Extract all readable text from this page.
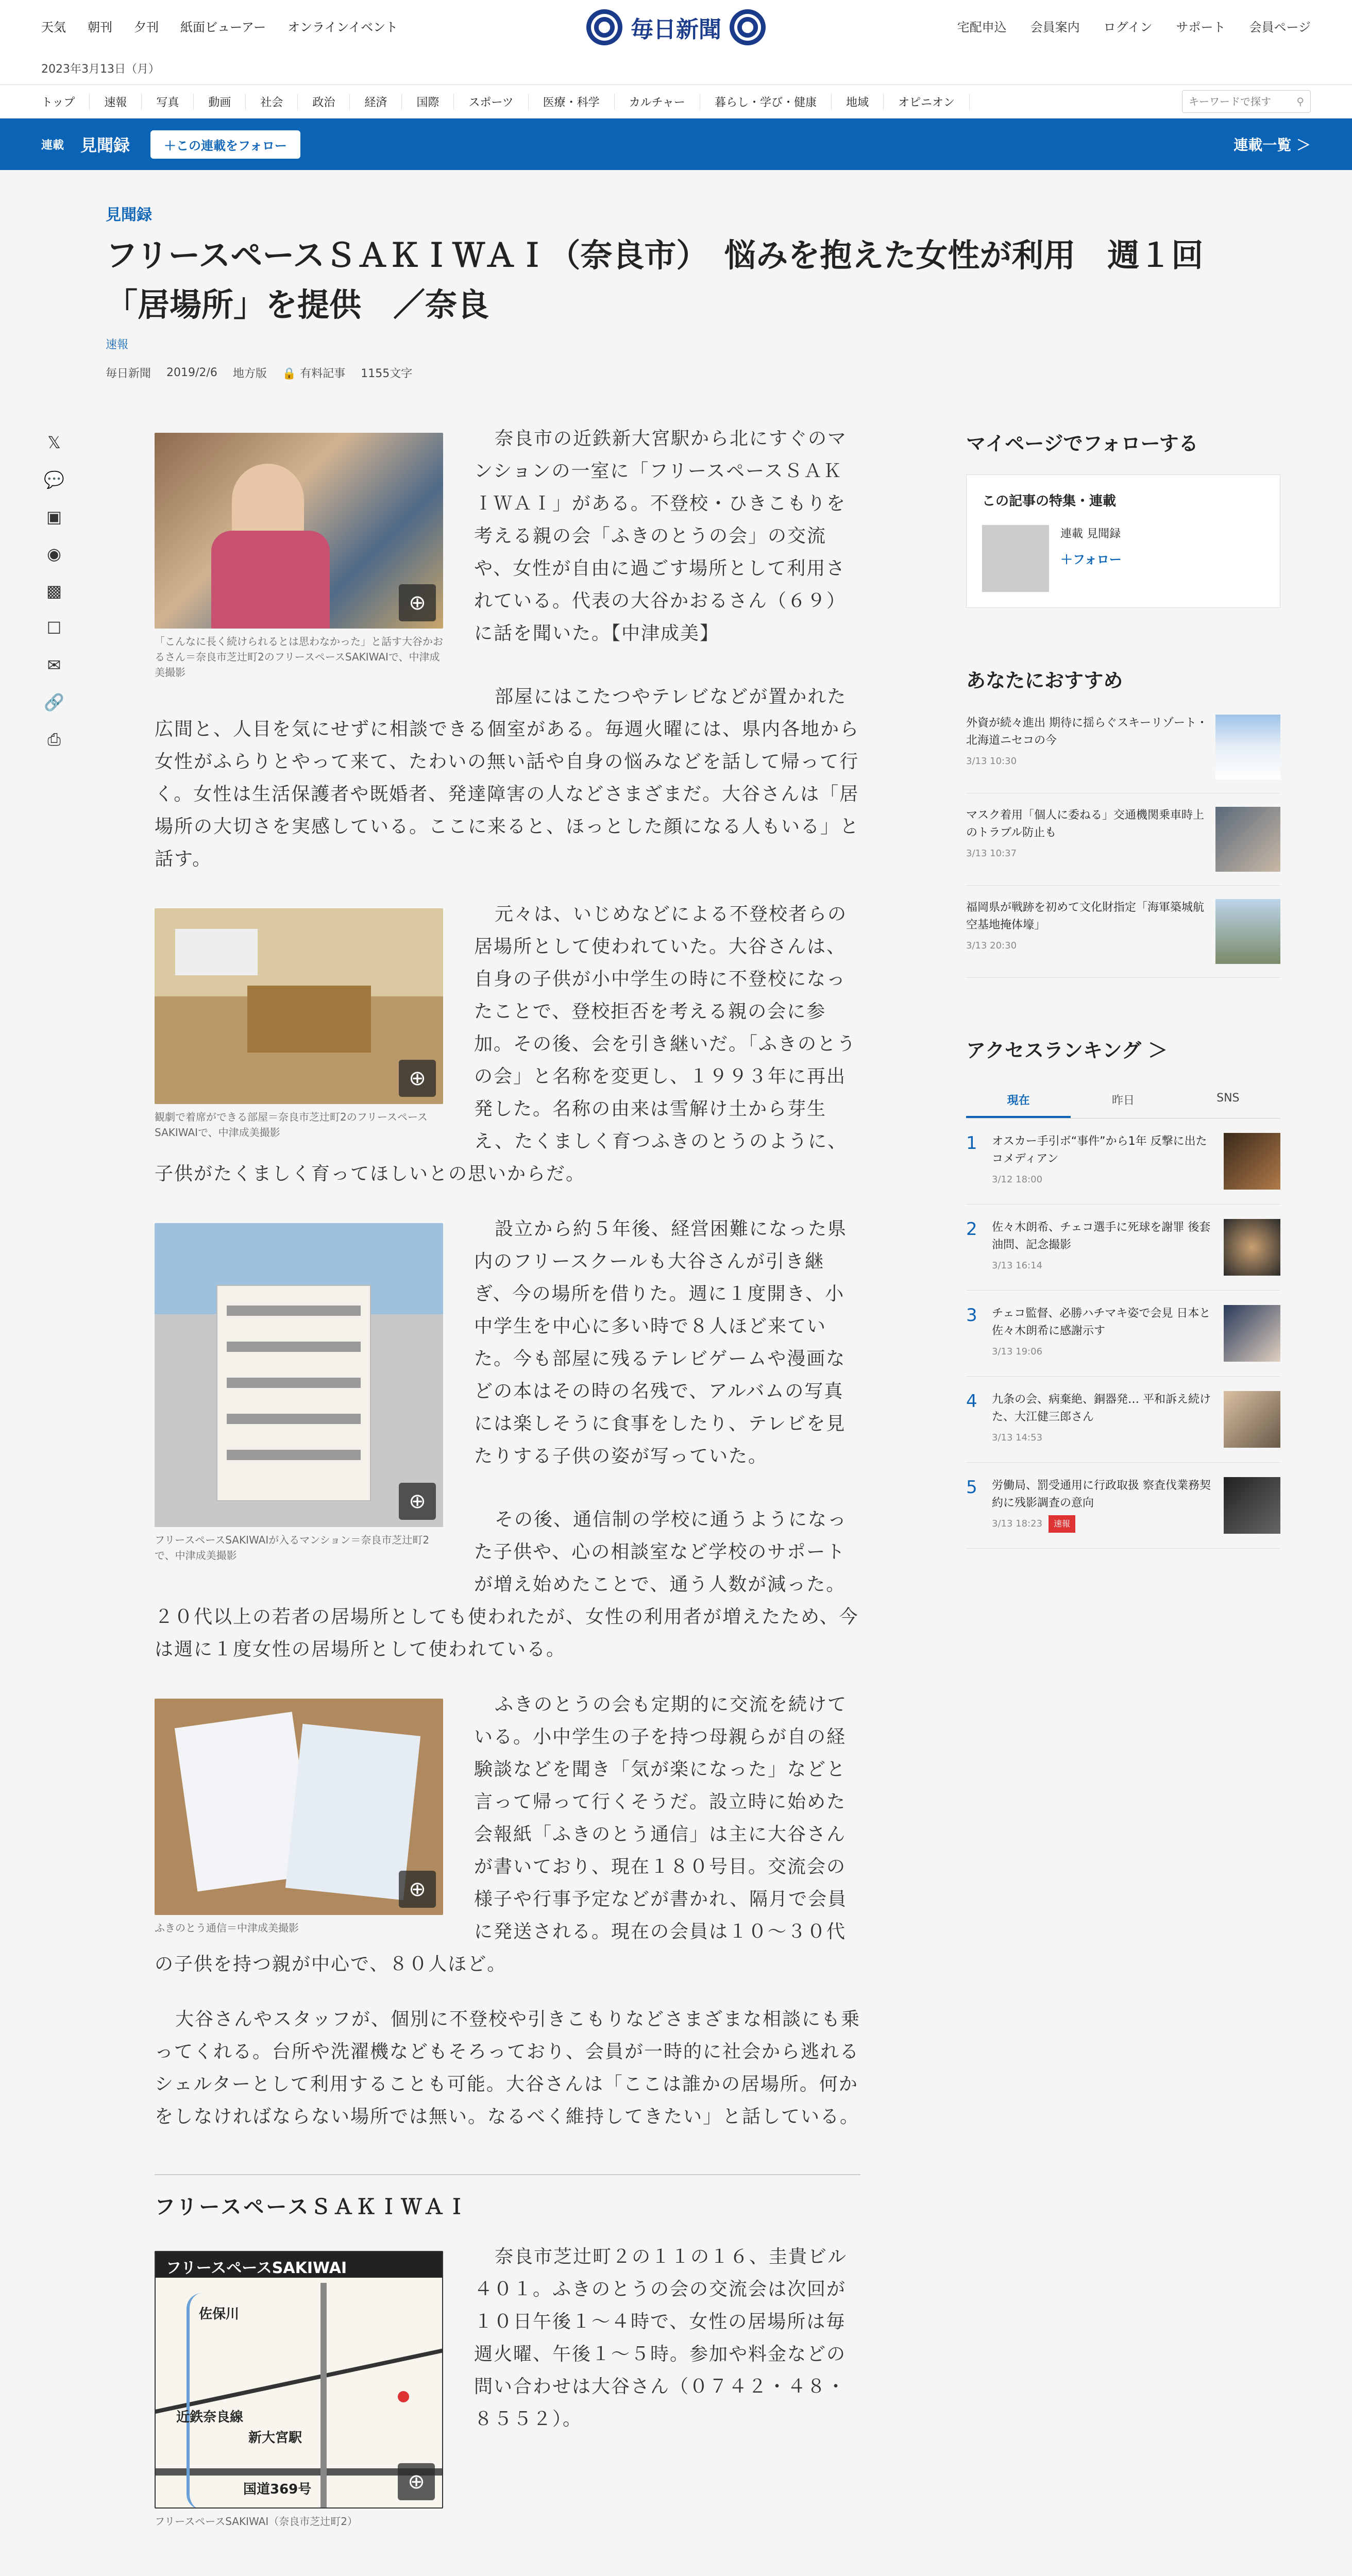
天気 朝刊 夕刊 紙面ビューアー オンラインイベント	毎日新聞	宅配申込 会員案内 ログイン サポート 会員ページ
2023年3月13日（月）
トップ	速報	写真	動画	社会	政治	経済	国際	スポーツ	医療・科学	カルチャー	暮らし・学び・健康	地域	オピニオン
キーワードで探す	⚲
連載 見聞録	＋この連載をフォロー	連載一覧 ＞
見聞録
フリースペースＳＡＫＩＷＡＩ（奈良市）　悩みを抱えた女性が利用　週１回「居場所」を提供　／奈良
速報
毎日新聞 2019/2/6 地方版 🔒 有料記事 1155文字
𝕏
💬
▣
◉
▩
☐
✉
🔗
⎙
⊕
「こんなに長く続けられるとは思わなかった」と話す大谷かおるさん＝奈良市芝辻町2のフリースペースSAKIWAIで、中津成美撮影

奈良市の近鉄新大宮駅から北にすぐのマンションの一室に「フリースペースＳＡＫＩＷＡＩ」がある。不登校・ひきこもりを考える親の会「ふきのとうの会」の交流や、女性が自由に過ごす場所として利用されている。代表の大谷かおるさん（６９）に話を聞いた。【中津成美】

部屋にはこたつやテレビなどが置かれた広間と、人目を気にせずに相談できる個室がある。毎週火曜には、県内各地から女性がふらりとやって来て、たわいの無い話や自身の悩みなどを話して帰って行く。女性は生活保護者や既婚者、発達障害の人などさまざまだ。大谷さんは「居場所の大切さを実感している。ここに来ると、ほっとした顔になる人もいる」と話す。

⊕
観劇で着席ができる部屋＝奈良市芝辻町2のフリースペースSAKIWAIで、中津成美撮影

元々は、いじめなどによる不登校者らの居場所として使われていた。大谷さんは、自身の子供が小中学生の時に不登校になったことで、登校拒否を考える親の会に参加。その後、会を引き継いだ。「ふきのとうの会」と名称を変更し、１９９３年に再出発した。名称の由来は雪解け土から芽生え、たくましく育つふきのとうのように、子供がたくましく育ってほしいとの思いからだ。

⊕
フリースペースSAKIWAIが入るマンション＝奈良市芝辻町2で、中津成美撮影

設立から約５年後、経営困難になった県内のフリースクールも大谷さんが引き継ぎ、今の場所を借りた。週に１度開き、小中学生を中心に多い時で８人ほど来ていた。今も部屋に残るテレビゲームや漫画などの本はその時の名残で、アルバムの写真には楽しそうに食事をしたり、テレビを見たりする子供の姿が写っていた。

その後、通信制の学校に通うようになった子供や、心の相談室など学校のサポートが増え始めたことで、通う人数が減った。２０代以上の若者の居場所としても使われたが、女性の利用者が増えたため、今は週に１度女性の居場所として使われている。

⊕
ふきのとう通信＝中津成美撮影

ふきのとうの会も定期的に交流を続けている。小中学生の子を持つ母親らが自の経験談などを聞き「気が楽になった」などと言って帰って行くそうだ。設立時に始めた会報紙「ふきのとう通信」は主に大谷さんが書いており、現在１８０号目。交流会の様子や行事予定などが書かれ、隔月で会員に発送される。現在の会員は１０～３０代の子供を持つ親が中心で、８０人ほど。

大谷さんやスタッフが、個別に不登校や引きこもりなどさまざまな相談にも乗ってくれる。台所や洗濯機などもそろっており、会員が一時的に社会から逃れるシェルターとして利用することも可能。大谷さんは「ここは誰かの居場所。何かをしなければならない場所では無い。なるべく維持してきたい」と話している。

フリースペースＳＡＫＩＷＡＩ
フリースペースSAKIWAI
佐保川
近鉄奈良線
新大宮駅
国道369号	⊕
フリースペースSAKIWAI（奈良市芝辻町2）

奈良市芝辻町２の１１の１６、圭貴ビル４０１。ふきのとうの会の交流会は次回が１０日午後１～４時で、女性の居場所は毎週火曜、午後１～５時。参加や料金などの問い合わせは大谷さん（０７４２・４８・８５５２）。

マイページでフォローする
この記事の特集・連載
連載 見聞録
＋フォロー
あなたにおすすめ
外資が続々進出 期待に揺らぐスキーリゾート・北海道ニセコの今
3/13 10:30
マスク着用「個人に委ねる」交通機関乗車時上のトラブル防止も
3/13 10:37
福岡県が戦跡を初めて文化財指定「海軍築城航空基地掩体壕」
3/13 20:30
アクセスランキング ＞
現在	昨日	SNS
1	オスカー手引ボ“事件”から1年 反撃に出たコメディアン
3/12 18:00
2	佐々木朗希、チェコ選手に死球を謝罪 後套油問、記念撮影
3/13 16:14
3	チェコ監督、必勝ハチマキ姿で会見 日本と佐々木朗希に感謝示す
3/13 19:06
4	九条の会、病棄絶、銅器発… 平和訴え続けた、大江健三郎さん
3/13 14:53
5	労働局、罰受通用に行政取扱 察査伐業務契約に残影調査の意向
3/13 18:23 速報
